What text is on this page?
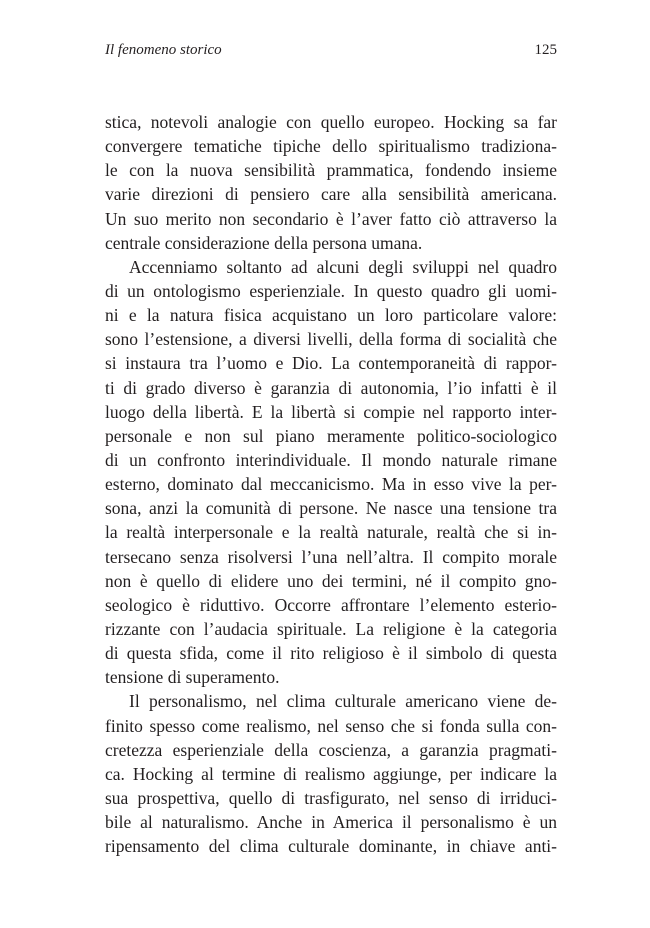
Il fenomeno storico	125
stica, notevoli analogie con quello europeo. Hocking sa far
convergere tematiche tipiche dello spiritualismo tradiziona-
le con la nuova sensibilità prammatica, fondendo insieme
varie direzioni di pensiero care alla sensibilità americana.
Un suo merito non secondario è l’aver fatto ciò attraverso la
centrale considerazione della persona umana.
Accenniamo soltanto ad alcuni degli sviluppi nel quadro
di un ontologismo esperienziale. In questo quadro gli uomi-
ni e la natura fisica acquistano un loro particolare valore:
sono l’estensione, a diversi livelli, della forma di socialità che
si instaura tra l’uomo e Dio. La contemporaneità di rappor-
ti di grado diverso è garanzia di autonomia, l’io infatti è il
luogo della libertà. E la libertà si compie nel rapporto inter-
personale e non sul piano meramente politico-sociologico
di un confronto interindividuale. Il mondo naturale rimane
esterno, dominato dal meccanicismo. Ma in esso vive la per-
sona, anzi la comunità di persone. Ne nasce una tensione tra
la realtà interpersonale e la realtà naturale, realtà che si in-
tersecano senza risolversi l’una nell’altra. Il compito morale
non è quello di elidere uno dei termini, né il compito gno-
seologico è riduttivo. Occorre affrontare l’elemento esterio-
rizzante con l’audacia spirituale. La religione è la categoria
di questa sfida, come il rito religioso è il simbolo di questa
tensione di superamento.
Il personalismo, nel clima culturale americano viene de-
finito spesso come realismo, nel senso che si fonda sulla con-
cretezza esperienziale della coscienza, a garanzia pragmati-
ca. Hocking al termine di realismo aggiunge, per indicare la
sua prospettiva, quello di trasfigurato, nel senso di irriduci-
bile al naturalismo. Anche in America il personalismo è un
ripensamento del clima culturale dominante, in chiave anti-
